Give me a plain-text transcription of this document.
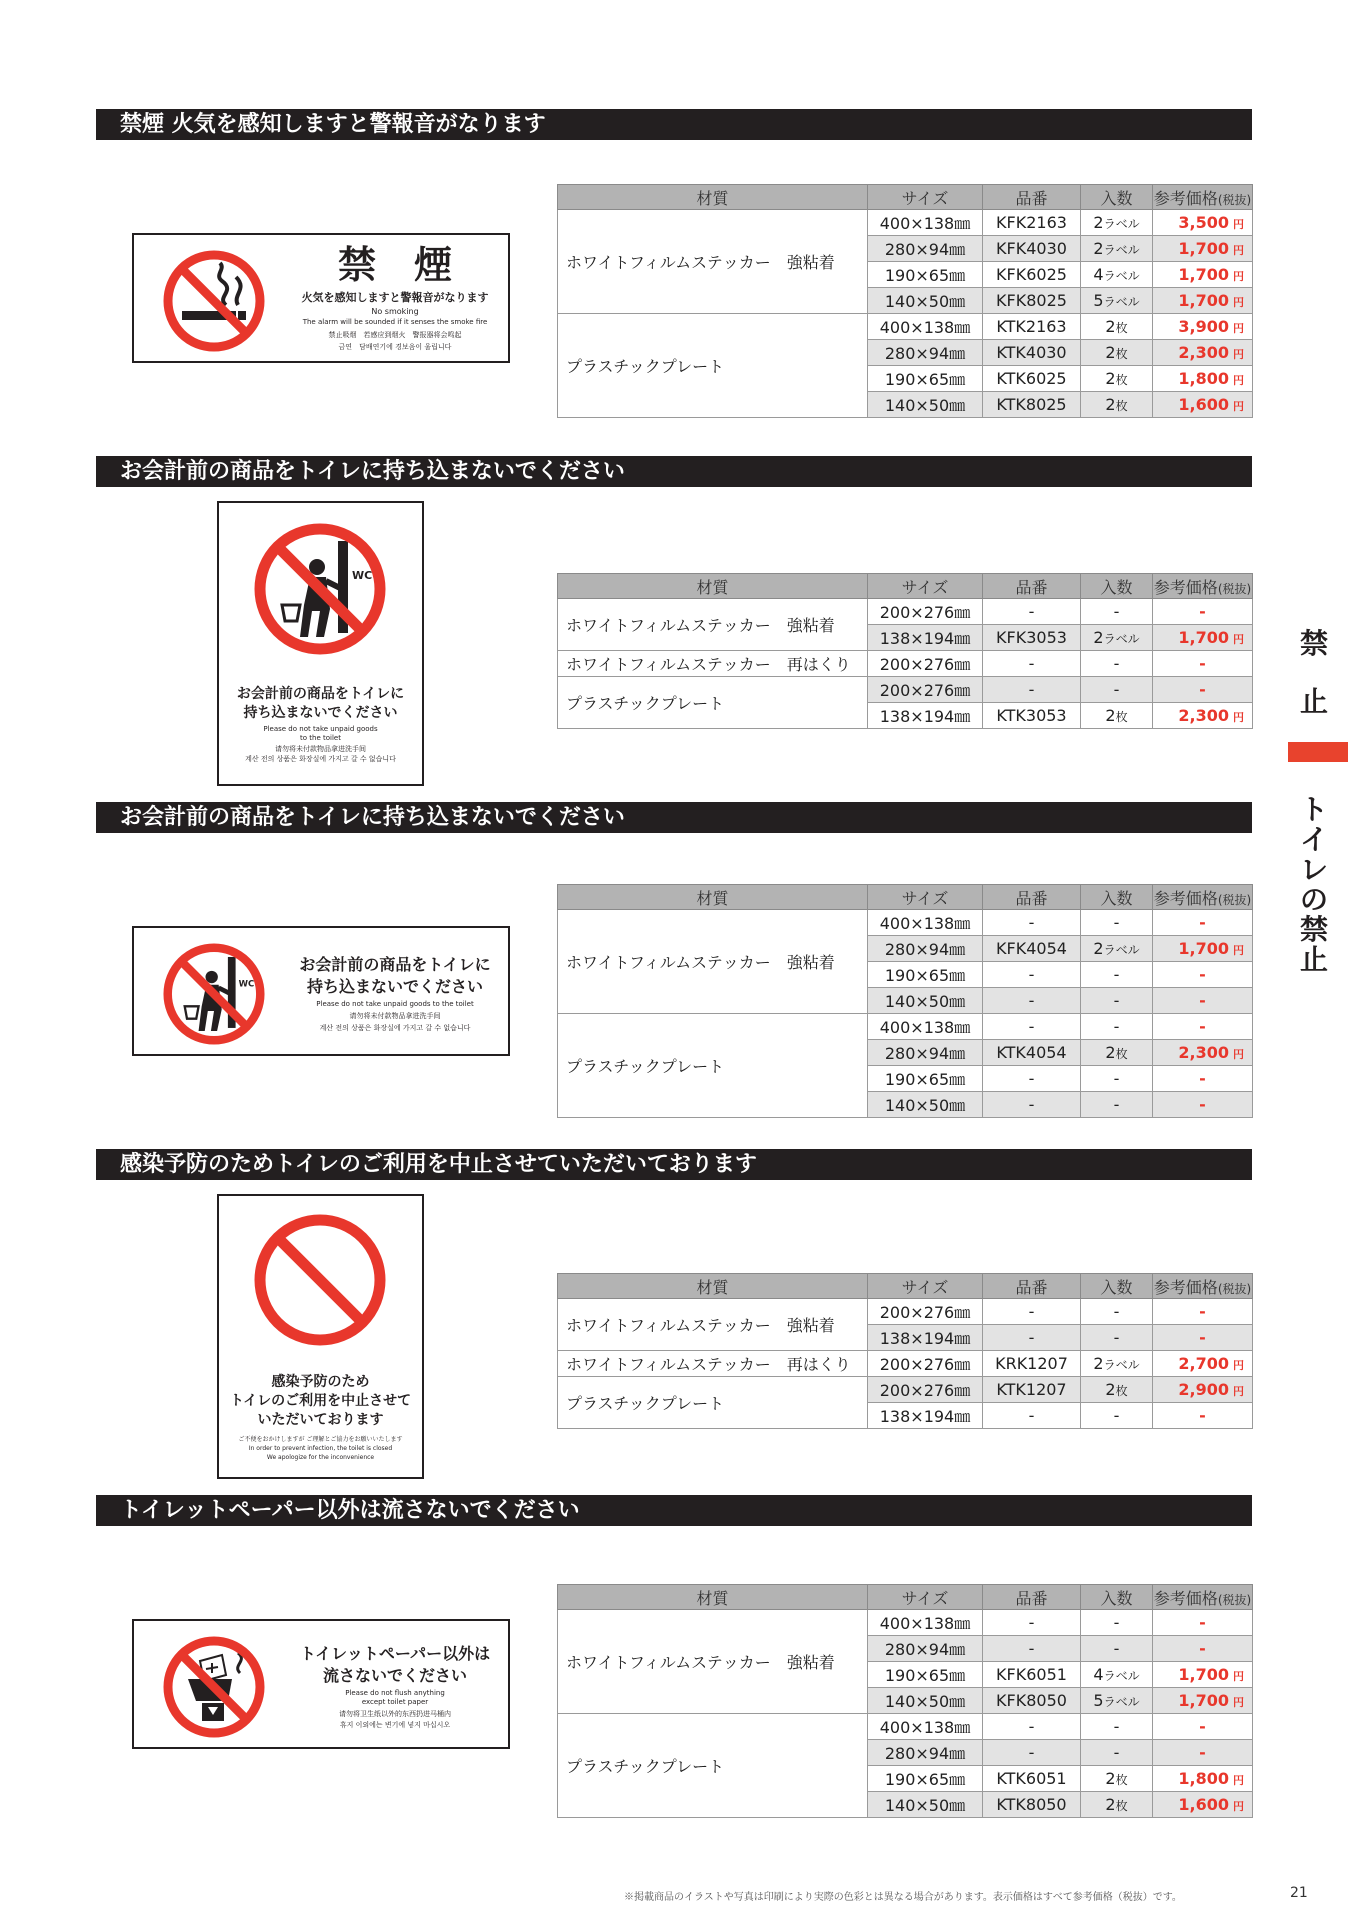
禁煙 火気を感知しますと警報音がなります
お会計前の商品をトイレに持ち込まないでください
お会計前の商品をトイレに持ち込まないでください
感染予防のためトイレのご利用を中止させていただいております
トイレットペーパー以外は流さないでください
禁　煙
火気を感知しますと警報音がなります
No smoking
The alarm will be sounded if it senses the smoke fire
禁止吸烟　若感应到烟火　警报器将会鸣起
금연　담배연기에 경보음이 울립니다
WC
お会計前の商品をトイレに
持ち込まないでください
Please do not take unpaid goods
to the toilet
请勿将未付款物品拿进洗手间
계산 전의 상품은 화장실에 가지고 갈 수 없습니다
WC
お会計前の商品をトイレに
持ち込まないでください
Please do not take unpaid goods to the toilet
请勿将未付款物品拿进洗手间
계산 전의 상품은 화장실에 가지고 갈 수 없습니다
感染予防のため
トイレのご利用を中止させて
いただいております
ご不便をおかけしますが ご理解とご協力をお願いいたします
In order to prevent infection, the toilet is closed
We apologize for the inconvenience
トイレットペーパー以外は
流さないでください
Please do not flush anything
except toilet paper
请勿将卫生纸以外的东西扔进马桶内
휴지 이외에는 변기에 넣지 마십시오
材質	サイズ	品番	入数	参考価格(税抜)
ホワイトフィルムステッカー　強粘着	400×138㎜	KFK2163	2ラベル	3,500 円
	280×94㎜	KFK4030	2ラベル	1,700 円
	190×65㎜	KFK6025	4ラベル	1,700 円
	140×50㎜	KFK8025	5ラベル	1,700 円
プラスチックプレート	400×138㎜	KTK2163	2枚	3,900 円
	280×94㎜	KTK4030	2枚	2,300 円
	190×65㎜	KTK6025	2枚	1,800 円
	140×50㎜	KTK8025	2枚	1,600 円
材質	サイズ	品番	入数	参考価格(税抜)
ホワイトフィルムステッカー　強粘着	200×276㎜	-	-	-
	138×194㎜	KFK3053	2ラベル	1,700 円
ホワイトフィルムステッカー　再はくり	200×276㎜	-	-	-
プラスチックプレート	200×276㎜	-	-	-
	138×194㎜	KTK3053	2枚	2,300 円
材質	サイズ	品番	入数	参考価格(税抜)
ホワイトフィルムステッカー　強粘着	400×138㎜	-	-	-
	280×94㎜	KFK4054	2ラベル	1,700 円
	190×65㎜	-	-	-
	140×50㎜	-	-	-
プラスチックプレート	400×138㎜	-	-	-
	280×94㎜	KTK4054	2枚	2,300 円
	190×65㎜	-	-	-
	140×50㎜	-	-	-
材質	サイズ	品番	入数	参考価格(税抜)
ホワイトフィルムステッカー　強粘着	200×276㎜	-	-	-
	138×194㎜	-	-	-
ホワイトフィルムステッカー　再はくり	200×276㎜	KRK1207	2ラベル	2,700 円
プラスチックプレート	200×276㎜	KTK1207	2枚	2,900 円
	138×194㎜	-	-	-
材質	サイズ	品番	入数	参考価格(税抜)
ホワイトフィルムステッカー　強粘着	400×138㎜	-	-	-
	280×94㎜	-	-	-
	190×65㎜	KFK6051	4ラベル	1,700 円
	140×50㎜	KFK8050	5ラベル	1,700 円
プラスチックプレート	400×138㎜	-	-	-
	280×94㎜	-	-	-
	190×65㎜	KTK6051	2枚	1,800 円
	140×50㎜	KTK8050	2枚	1,600 円
禁
止
ト
イ
レ
の
禁
止
※掲載商品のイラストや写真は印刷により実際の色彩とは異なる場合があります。表示価格はすべて参考価格（税抜）です。	21
